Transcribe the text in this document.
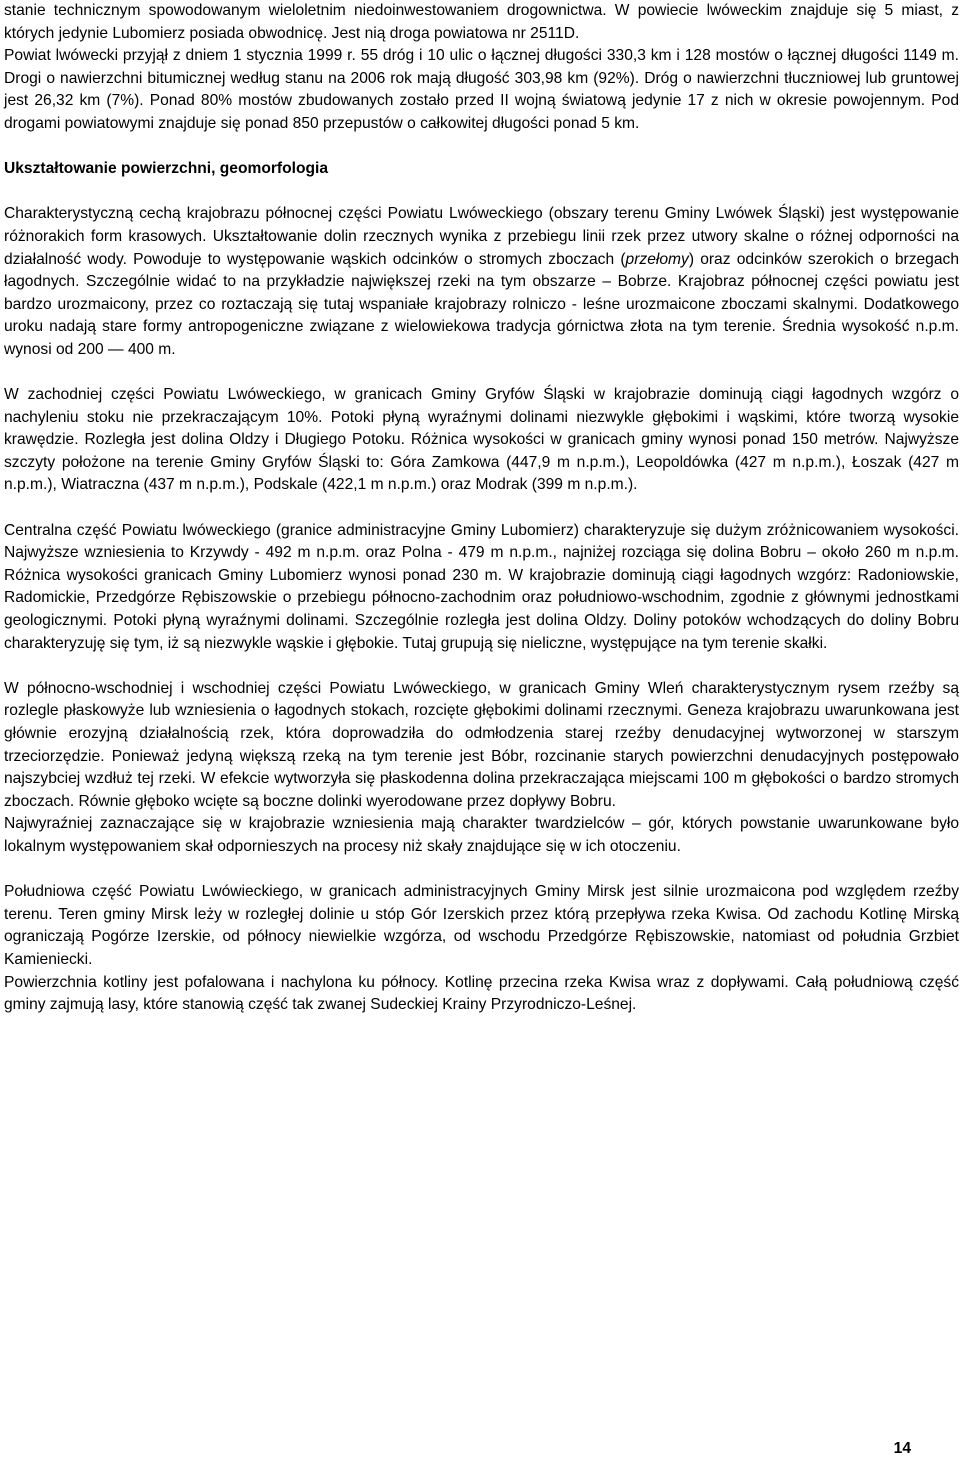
stanie technicznym spowodowanym wieloletnim niedoinwestowaniem drogownictwa. W powiecie lwóweckim znajduje się 5 miast, z których jedynie Lubomierz posiada obwodnicę. Jest nią droga powiatowa nr 2511D.

Powiat lwówecki przyjął z dniem 1 stycznia 1999 r. 55 dróg i 10 ulic o łącznej długości 330,3 km i 128 mostów o łącznej długości 1149 m. Drogi o nawierzchni bitumicznej według stanu na 2006 rok mają długość 303,98 km (92%). Dróg o nawierzchni tłuczniowej lub gruntowej jest 26,32 km (7%). Ponad 80% mostów zbudowanych zostało przed II wojną światową jedynie 17 z nich w okresie powojennym. Pod drogami powiatowymi znajduje się ponad 850 przepustów o całkowitej długości ponad 5 km.

Ukształtowanie powierzchni, geomorfologia

Charakterystyczną cechą krajobrazu północnej części Powiatu Lwóweckiego (obszary terenu Gminy Lwówek Śląski) jest występowanie różnorakich form krasowych. Ukształtowanie dolin rzecznych wynika z przebiegu linii rzek przez utwory skalne o różnej odporności na działalność wody. Powoduje to występowanie wąskich odcinków o stromych zboczach (przełomy) oraz odcinków szerokich o brzegach łagodnych. Szczególnie widać to na przykładzie największej rzeki na tym obszarze – Bobrze. Krajobraz północnej części powiatu jest bardzo urozmaicony, przez co roztaczają się tutaj wspaniałe krajobrazy rolniczo - leśne urozmaicone zboczami skalnymi. Dodatkowego uroku nadają stare formy antropogeniczne związane z wielowiekowa tradycja górnictwa złota na tym terenie. Średnia wysokość n.p.m. wynosi od 200 — 400 m.

W zachodniej części Powiatu Lwóweckiego, w granicach Gminy Gryfów Śląski w krajobrazie dominują ciągi łagodnych wzgórz o nachyleniu stoku nie przekraczającym 10%. Potoki płyną wyraźnymi dolinami niezwykle głębokimi i wąskimi, które tworzą wysokie krawędzie. Rozległa jest dolina Oldzy i Długiego Potoku. Różnica wysokości w granicach gminy wynosi ponad 150 metrów. Najwyższe szczyty położone na terenie Gminy Gryfów Śląski to: Góra Zamkowa (447,9 m n.p.m.), Leopoldówka (427 m n.p.m.), Łoszak (427 m n.p.m.), Wiatraczna (437 m n.p.m.), Podskale (422,1 m n.p.m.) oraz Modrak (399 m n.p.m.).

Centralna część Powiatu lwóweckiego (granice administracyjne Gminy Lubomierz) charakteryzuje się dużym zróżnicowaniem wysokości. Najwyższe wzniesienia to Krzywdy - 492 m n.p.m. oraz Polna - 479 m n.p.m., najniżej rozciąga się dolina Bobru – około 260 m n.p.m. Różnica wysokości granicach Gminy Lubomierz wynosi ponad 230 m. W krajobrazie dominują ciągi łagodnych wzgórz: Radoniowskie, Radomickie, Przedgórze Rębiszowskie o przebiegu północno-zachodnim oraz południowo-wschodnim, zgodnie z głównymi jednostkami geologicznymi. Potoki płyną wyraźnymi dolinami. Szczególnie rozległa jest dolina Oldzy. Doliny potoków wchodzących do doliny Bobru charakteryzuję się tym, iż są niezwykle wąskie i głębokie. Tutaj grupują się nieliczne, występujące na tym terenie skałki.

W północno-wschodniej i wschodniej części Powiatu Lwóweckiego, w granicach Gminy Wleń charakterystycznym rysem rzeźby są rozlegle płaskowyże lub wzniesienia o łagodnych stokach, rozcięte głębokimi dolinami rzecznymi. Geneza krajobrazu uwarunkowana jest głównie erozyjną działalnością rzek, która doprowadziła do odmłodzenia starej rzeźby denudacyjnej wytworzonej w starszym trzeciorzędzie. Ponieważ jedyną większą rzeką na tym terenie jest Bóbr, rozcinanie starych powierzchni denudacyjnych postępowało najszybciej wzdłuż tej rzeki. W efekcie wytworzyła się płaskodenna dolina przekraczająca miejscami 100 m głębokości o bardzo stromych zboczach. Równie głęboko wcięte są boczne dolinki wyerodowane przez dopływy Bobru.

Najwyraźniej zaznaczające się w krajobrazie wzniesienia mają charakter twardzielców – gór, których powstanie uwarunkowane było lokalnym występowaniem skał odpornieszych na procesy niż skały znajdujące się w ich otoczeniu.

Południowa część Powiatu Lwówieckiego, w granicach administracyjnych Gminy Mirsk jest silnie urozmaicona pod względem rzeźby terenu. Teren gminy Mirsk leży w rozległej dolinie u stóp Gór Izerskich przez którą przepływa rzeka Kwisa. Od zachodu Kotlinę Mirską ograniczają Pogórze Izerskie, od północy niewielkie wzgórza, od wschodu Przedgórze Rębiszowskie, natomiast od południa Grzbiet Kamieniecki.

Powierzchnia kotliny jest pofalowana i nachylona ku północy. Kotlinę przecina rzeka Kwisa wraz z dopływami. Całą południową część gminy zajmują lasy, które stanowią część tak zwanej Sudeckiej Krainy Przyrodniczo-Leśnej.

14
